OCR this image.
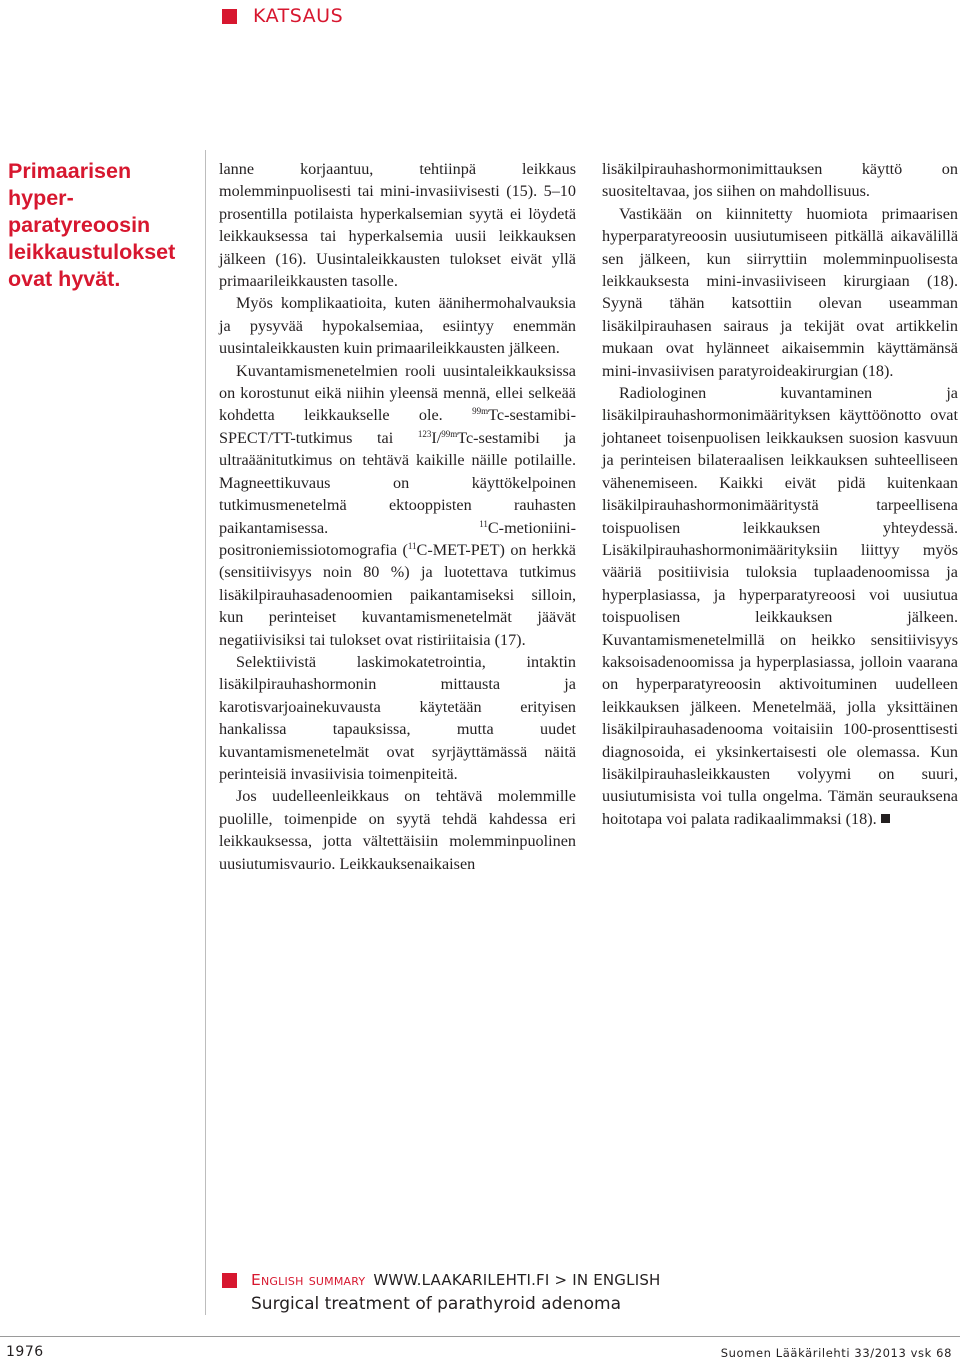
KATSAUS
Primaarisen hyperparatyreoosin leikkaustulokset ovat hyvät.

lanne korjaantuu, tehtiinpä leikkaus molemminpuolisesti tai mini-invasiivisesti (15). 5–10 prosentilla potilaista hyperkalsemian syytä ei löydetä leikkauksessa tai hyperkalsemia uusii leikkauksen jälkeen (16). Uusintaleikkausten tulokset eivät yllä primaarileikkausten tasolle.

Myös komplikaatioita, kuten äänihermohalvauksia ja pysyvää hypokalsemiaa, esiintyy enemmän uusintaleikkausten kuin primaarileikkausten jälkeen.

Kuvantamismenetelmien rooli uusintaleikkauksissa on korostunut eikä niihin yleensä mennä, ellei selkeää kohdetta leikkaukselle ole. $^{99m}$Tc-sestamibi-SPECT/TT-tutkimus tai $^{123}$I/$^{99m}$Tc-sestamibi ja ultraäänitutkimus on tehtävä kaikille näille potilaille. Magneettikuvaus on käyttökelpoinen tutkimusmenetelmä ektooppisten rauhasten paikantamisessa. $^{11}$C-metioniini-positroniemissiotomografia ($^{11}$C-MET-PET) on herkkä (sensitiivisyys noin 80 %) ja luotettava tutkimus lisäkilpirauhasadenoomien paikantamiseksi silloin, kun perinteiset kuvantamismenetelmät jäävät negatiivisiksi tai tulokset ovat ristiriitaisia (17).

Selektiivistä laskimokatetrointia, intaktin lisäkilpirauhashormonin mittausta ja karotisvarjoainekuvausta käytetään erityisen hankalissa tapauksissa, mutta uudet kuvantamismenetelmät ovat syrjäyttämässä näitä perinteisiä invasiivisia toimenpiteitä.

Jos uudelleenleikkaus on tehtävä molemmille puolille, toimenpide on syytä tehdä kahdessa eri leikkauksessa, jotta vältettäisiin molemminpuolinen uusiutumisvaurio. Leikkauksenaikaisen

lisäkilpirauhashormonimittauksen käyttö on suositeltavaa, jos siihen on mahdollisuus.

Vastikään on kiinnitetty huomiota primaarisen hyperparatyreoosin uusiutumiseen pitkällä aikavälillä sen jälkeen, kun siirryttiin molemminpuolisesta leikkauksesta mini-invasiiviseen kirurgiaan (18). Syynä tähän katsottiin olevan useamman lisäkilpirauhasen sairaus ja tekijät ovat artikkelin mukaan ovat hylänneet aikaisemmin käyttämänsä mini-invasiivisen paratyroideakirurgian (18).

Radiologinen kuvantaminen ja lisäkilpirauhashormonimäärityksen käyttöönotto ovat johtaneet toisenpuolisen leikkauksen suosion kasvuun ja perinteisen bilateraalisen leikkauksen suhteelliseen vähenemiseen. Kaikki eivät pidä kuitenkaan lisäkilpirauhashormonimääritystä tarpeellisena toispuolisen leikkauksen yhteydessä. Lisäkilpirauhashormonimäärityksiin liittyy myös vääriä positiivisia tuloksia tuplaadenoomissa ja hyperplasiassa, ja hyperparatyreoosi voi uusiutua toispuolisen leikkauksen jälkeen. Kuvantamismenetelmillä on heikko sensitiivisyys kaksoisadenoomissa ja hyperplasiassa, jolloin vaarana on hyperparatyreoosin aktivoituminen uudelleen leikkauksen jälkeen. Menetelmää, jolla yksittäinen lisäkilpirauhasadenooma voitaisiin 100-prosenttisesti diagnosoida, ei yksinkertaisesti ole olemassa. Kun lisäkilpirauhasleikkausten volyymi on suuri, uusiutumisista voi tulla ongelma. Tämän seurauksena hoitotapa voi palata radikaalimmaksi (18).

English summary WWW.LAAKARILEHTI.FI > IN ENGLISH
Surgical treatment of parathyroid adenoma
1976	Suomen Lääkärilehti 33/2013 vsk 68
